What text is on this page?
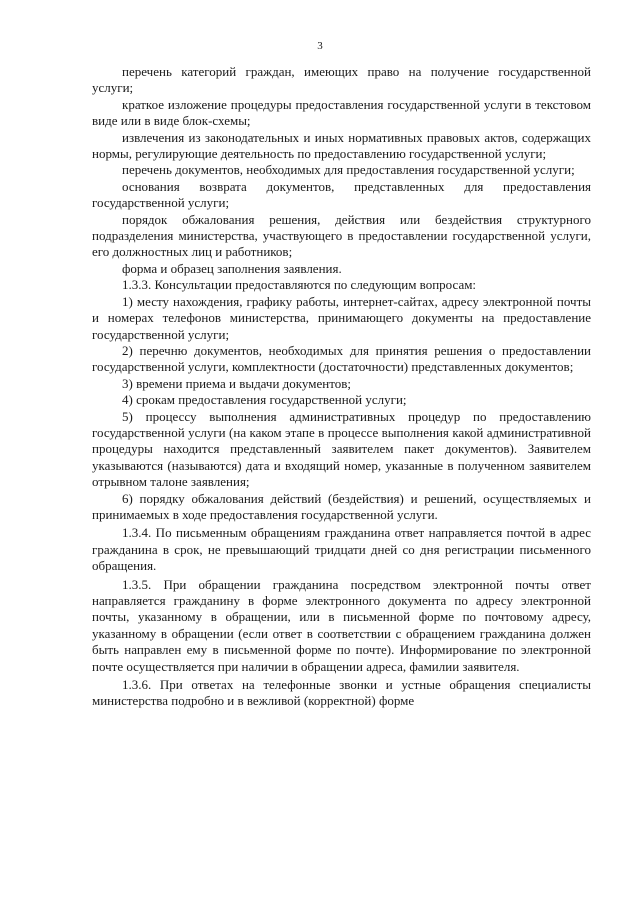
3

перечень категорий граждан, имеющих право на получение государственной услуги;

краткое изложение процедуры предоставления государственной услуги в текстовом виде или в виде блок-схемы;

извлечения из законодательных и иных нормативных правовых актов, содержащих нормы, регулирующие деятельность по предоставлению государственной услуги;

перечень документов, необходимых для предоставления государственной услуги;

основания возврата документов, представленных для предоставления государственной услуги;

порядок обжалования решения, действия или бездействия структурного подразделения министерства, участвующего в предоставлении государственной услуги, его должностных лиц и работников;

форма и образец заполнения заявления.

1.3.3. Консультации предоставляются по следующим вопросам:

1) месту нахождения, графику работы, интернет-сайтах, адресу электронной почты и номерах телефонов министерства, принимающего документы на предоставление государственной услуги;

2) перечню документов, необходимых для принятия решения о предоставлении государственной услуги, комплектности (достаточности) представленных документов;

3) времени приема и выдачи документов;

4) срокам предоставления государственной услуги;

5) процессу выполнения административных процедур по предоставлению государственной услуги (на каком этапе в процессе выполнения какой административной процедуры находится представленный заявителем пакет документов). Заявителем указываются (называются) дата и входящий номер, указанные в полученном заявителем отрывном талоне заявления;

6) порядку обжалования действий (бездействия) и решений, осуществляемых и принимаемых в ходе предоставления государственной услуги.

1.3.4. По письменным обращениям гражданина ответ направляется почтой в адрес гражданина в срок, не превышающий тридцати дней со дня регистрации письменного обращения.

1.3.5. При обращении гражданина посредством электронной почты ответ направляется гражданину в форме электронного документа по адресу электронной почты, указанному в обращении, или в письменной форме по почтовому адресу, указанному в обращении (если ответ в соответствии с обращением гражданина должен быть направлен ему в письменной форме по почте). Информирование по электронной почте осуществляется при наличии в обращении адреса, фамилии заявителя.

1.3.6. При ответах на телефонные звонки и устные обращения специалисты министерства подробно и в вежливой (корректной) форме
